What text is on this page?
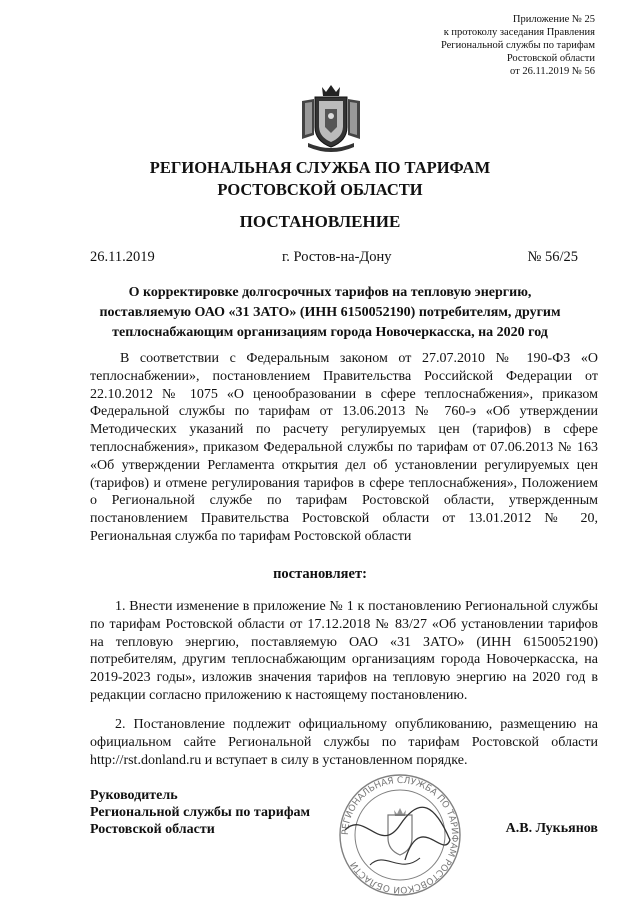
Приложение № 25
к протоколу заседания Правления
Региональной службы по тарифам
Ростовской области
от 26.11.2019 № 56
РЕГИОНАЛЬНАЯ СЛУЖБА ПО ТАРИФАМ
РОСТОВСКОЙ ОБЛАСТИ
ПОСТАНОВЛЕНИЕ
26.11.2019	г. Ростов-на-Дону	№ 56/25
О корректировке долгосрочных тарифов на тепловую энергию,
поставляемую ОАО «31 ЗАТО» (ИНН 6150052190) потребителям, другим
теплоснабжающим организациям города Новочеркасска, на 2020 год
В соответствии с Федеральным законом от 27.07.2010 № 190-ФЗ «О теплоснабжении», постановлением Правительства Российской Федерации от 22.10.2012 № 1075 «О ценообразовании в сфере теплоснабжения», приказом Федеральной службы по тарифам от 13.06.2013 № 760-э «Об утверждении Методических указаний по расчету регулируемых цен (тарифов) в сфере теплоснабжения», приказом Федеральной службы по тарифам от 07.06.2013 № 163 «Об утверждении Регламента открытия дел об установлении регулируемых цен (тарифов) и отмене регулирования тарифов в сфере теплоснабжения», Положением о Региональной службе по тарифам Ростовской области, утвержденным постановлением Правительства Ростовской области от 13.01.2012 № 20, Региональная служба по тарифам Ростовской области
постановляет:
1. Внести изменение в приложение № 1 к постановлению Региональной службы по тарифам Ростовской области от 17.12.2018 № 83/27 «Об установлении тарифов на тепловую энергию, поставляемую ОАО «31 ЗАТО» (ИНН 6150052190) потребителям, другим теплоснабжающим организациям города Новочеркасска, на 2019-2023 годы», изложив значения тарифов на тепловую энергию на 2020 год в редакции согласно приложению к настоящему постановлению.
2. Постановление подлежит официальному опубликованию, размещению на официальном сайте Региональной службы по тарифам Ростовской области http://rst.donland.ru и вступает в силу в установленном порядке.
РЕГИОНАЛЬНАЯ СЛУЖБА ПО ТАРИФАМ РОСТОВСКОЙ ОБЛАСТИ
Руководитель
Региональной службы по тарифам
Ростовской области	А.В. Лукьянов
